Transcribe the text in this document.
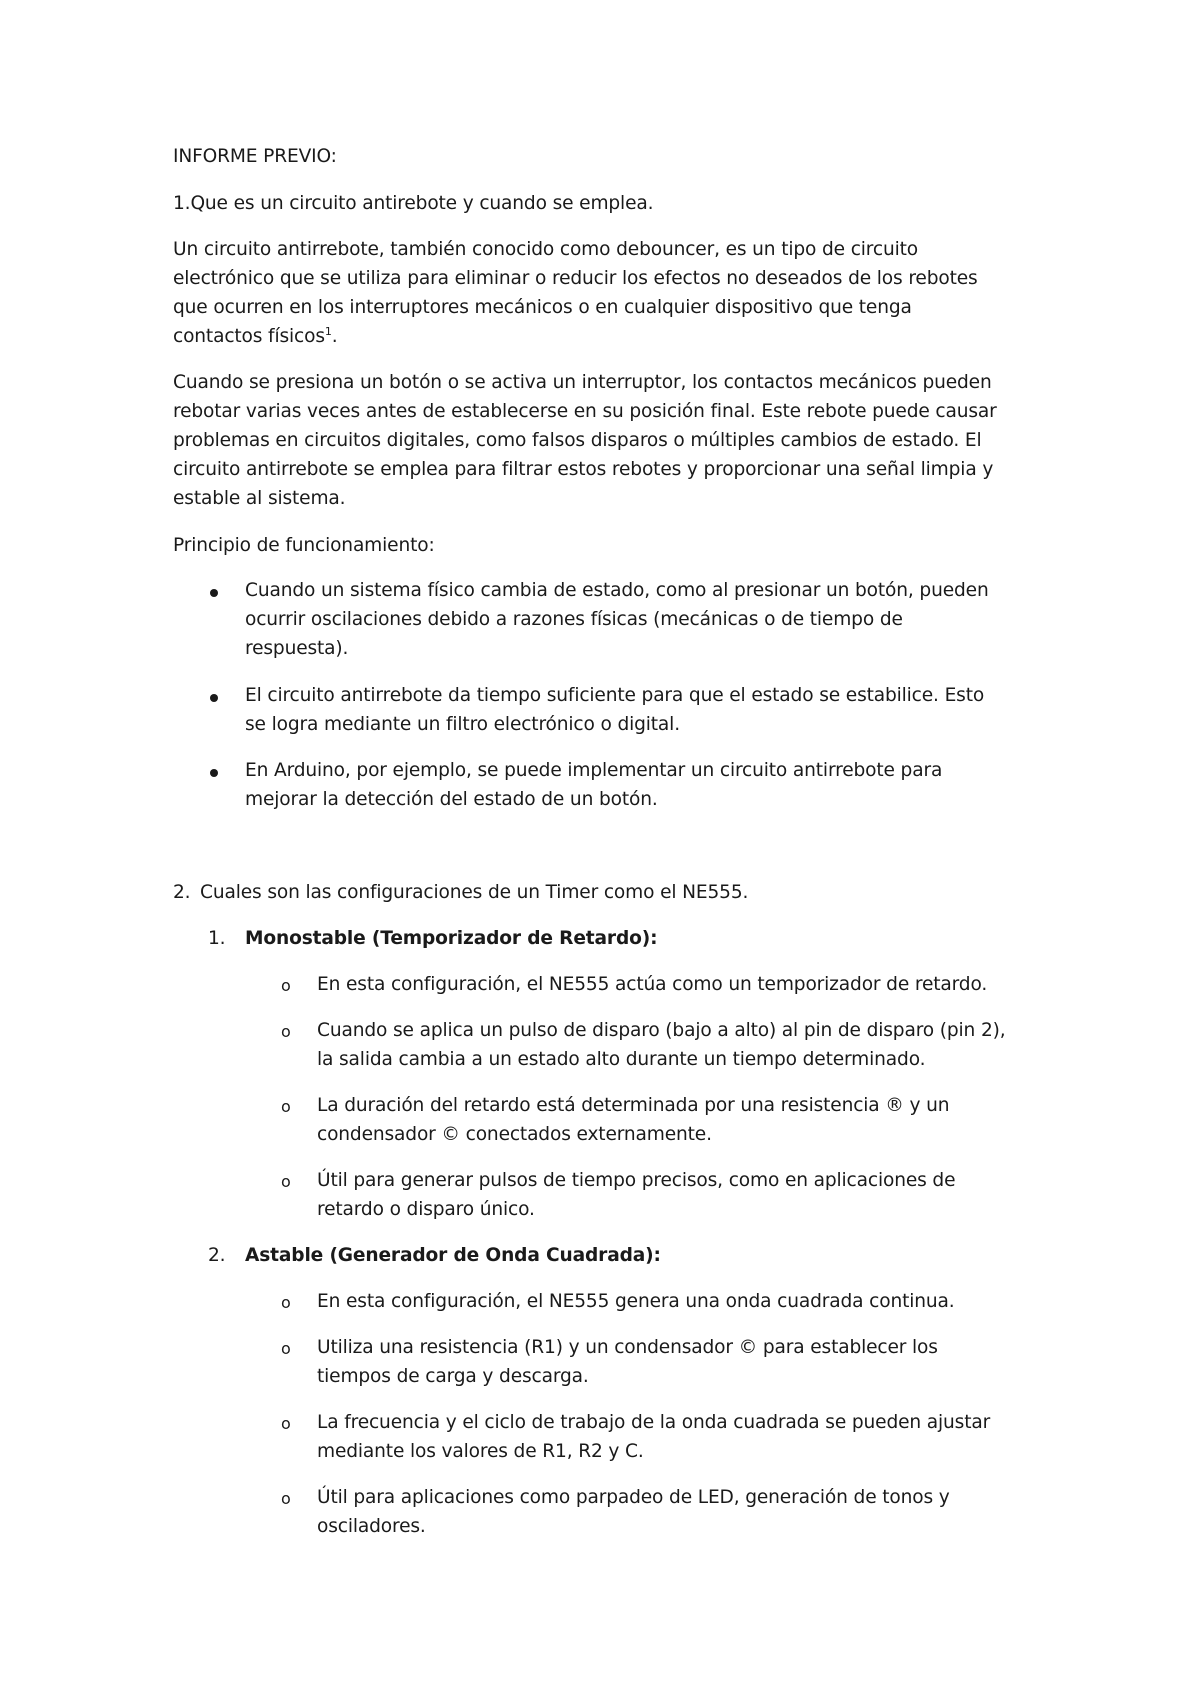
INFORME PREVIO:
1.Que es un circuito antirebote y cuando se emplea.
Un circuito antirrebote, también conocido como debouncer, es un tipo de circuito
electrónico que se utiliza para eliminar o reducir los efectos no deseados de los rebotes
que ocurren en los interruptores mecánicos o en cualquier dispositivo que tenga
contactos físicos$^1$.
Cuando se presiona un botón o se activa un interruptor, los contactos mecánicos pueden
rebotar varias veces antes de establecerse en su posición final. Este rebote puede causar
problemas en circuitos digitales, como falsos disparos o múltiples cambios de estado. El
circuito antirrebote se emplea para filtrar estos rebotes y proporcionar una señal limpia y
estable al sistema.
Principio de funcionamiento:
Cuando un sistema físico cambia de estado, como al presionar un botón, pueden
ocurrir oscilaciones debido a razones físicas (mecánicas o de tiempo de
respuesta).
El circuito antirrebote da tiempo suficiente para que el estado se estabilice. Esto
se logra mediante un filtro electrónico o digital.
En Arduino, por ejemplo, se puede implementar un circuito antirrebote para
mejorar la detección del estado de un botón.
2. Cuales son las configuraciones de un Timer como el NE555.
1. Monostable (Temporizador de Retardo):
o En esta configuración, el NE555 actúa como un temporizador de retardo.
o Cuando se aplica un pulso de disparo (bajo a alto) al pin de disparo (pin 2),
la salida cambia a un estado alto durante un tiempo determinado.
o La duración del retardo está determinada por una resistencia ® y un
condensador © conectados externamente.
o Útil para generar pulsos de tiempo precisos, como en aplicaciones de
retardo o disparo único.
2. Astable (Generador de Onda Cuadrada):
o En esta configuración, el NE555 genera una onda cuadrada continua.
o Utiliza una resistencia (R1) y un condensador © para establecer los
tiempos de carga y descarga.
o La frecuencia y el ciclo de trabajo de la onda cuadrada se pueden ajustar
mediante los valores de R1, R2 y C.
o Útil para aplicaciones como parpadeo de LED, generación de tonos y
osciladores.
